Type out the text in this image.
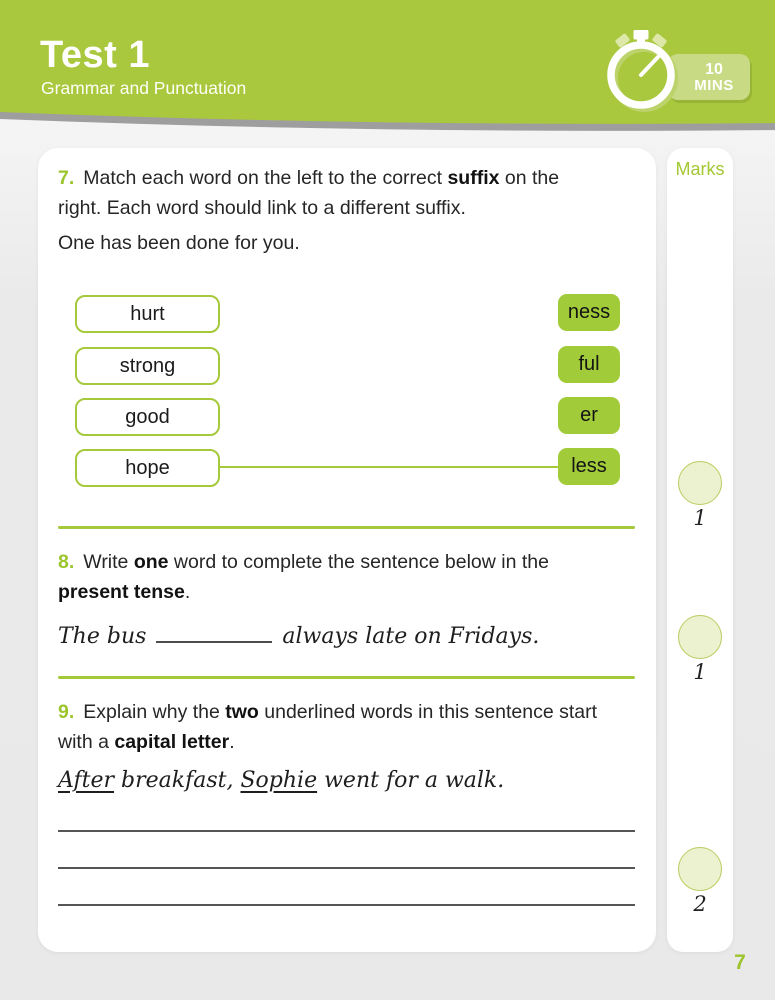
Test 1
Grammar and Punctuation
10
MINS
7. Match each word on the left to the correct suffix on the right. Each word should link to a different suffix.
One has been done for you.
hurt
strong
good
hope
ness
ful
er
less
8. Write one word to complete the sentence below in the present tense.
The bus	always late on Fridays.
9. Explain why the two underlined words in this sentence start with a capital letter.
After breakfast, Sophie went for a walk.
Marks
1
1
2
7
